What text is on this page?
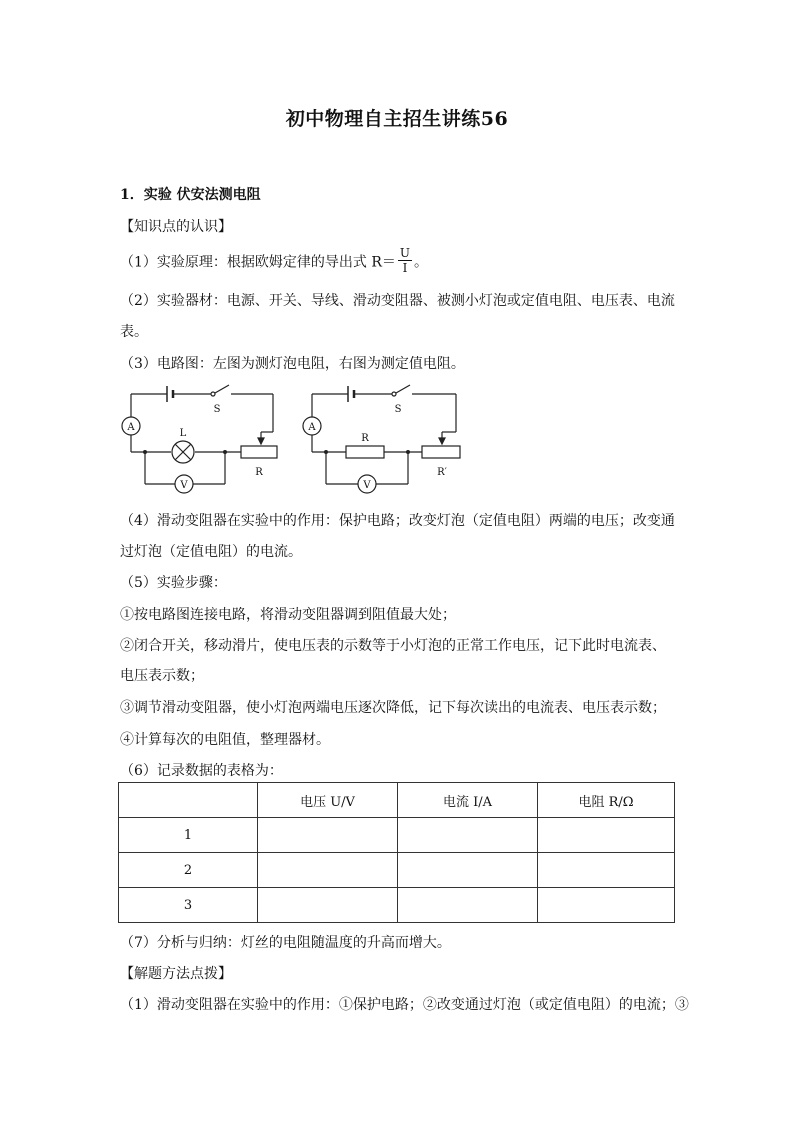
初中物理自主招生讲练56
1．实验 伏安法测电阻
【知识点的认识】
（1）实验原理：根据欧姆定律的导出式 $R= \frac{U}{I}$ 。
（2）实验器材：电源、开关、导线、滑动变阻器、被测小灯泡或定值电阻、电压表、电流
表。
（3）电路图：左图为测灯泡电阻，右图为测定值电阻。
A
V
L
S
R
A
V
R
S
R′
（4）滑动变阻器在实验中的作用：保护电路；改变灯泡（定值电阻）两端的电压；改变通
过灯泡（定值电阻）的电流。
（5）实验步骤：
①按电路图连接电路，将滑动变阻器调到阻值最大处；
②闭合开关，移动滑片，使电压表的示数等于小灯泡的正常工作电压，记下此时电流表、
电压表示数；
③调节滑动变阻器，使小灯泡两端电压逐次降低，记下每次读出的电流表、电压表示数；
④计算每次的电阻值，整理器材。
（6）记录数据的表格为：
	电压 U/V	电流 I/A	电阻 R/Ω
1			
2			
3			
（7）分析与归纳：灯丝的电阻随温度的升高而增大。
【解题方法点拨】
（1）滑动变阻器在实验中的作用：①保护电路；②改变通过灯泡（或定值电阻）的电流；③
